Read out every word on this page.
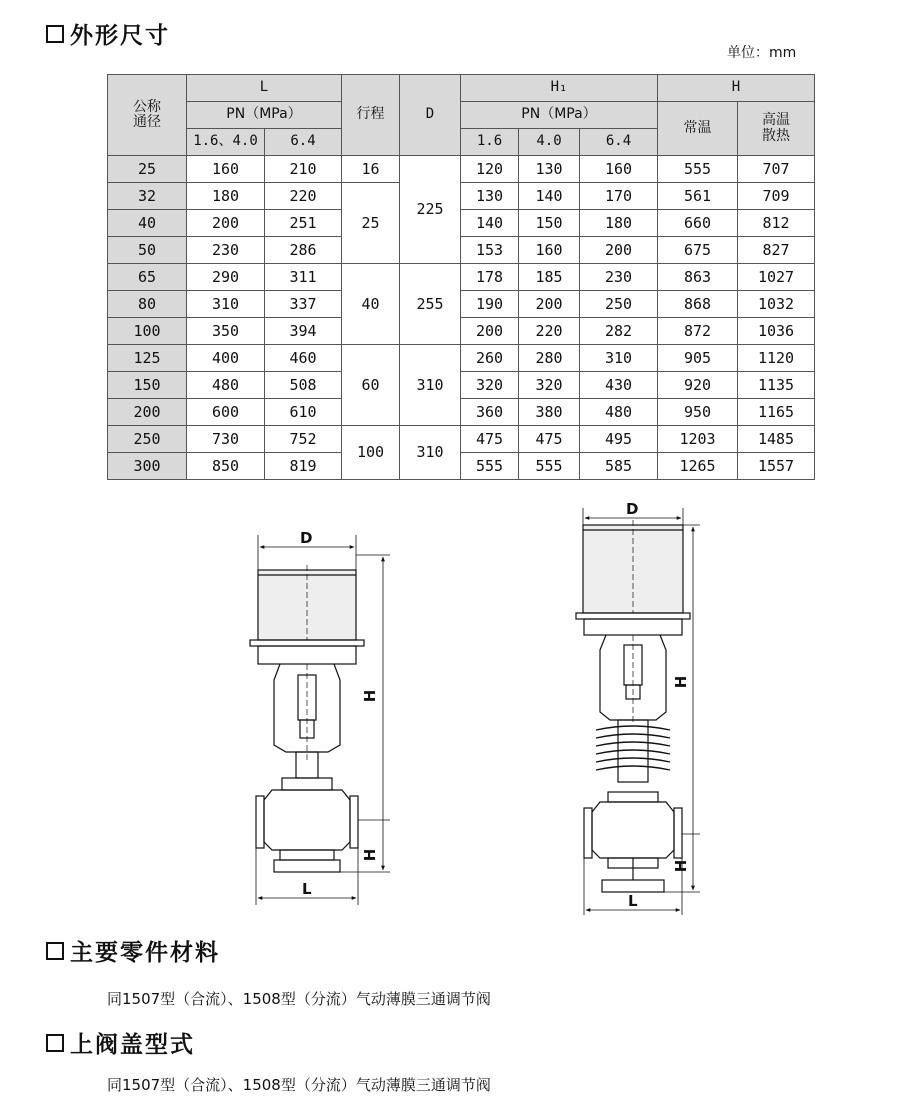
外形尺寸
单位：mm
公称
通径	L		行程	D	H₁			H	
	PN（MPa）				PN（MPa）			常温	高温
散热
	1.6、4.0	6.4			1.6	4.0	6.4		
25	160	210	16	225	120	130	160	555	707
32	180	220	25		130	140	170	561	709
40	200	251			140	150	180	660	812
50	230	286			153	160	200	675	827
65	290	311	40	255	178	185	230	863	1027
80	310	337			190	200	250	868	1032
100	350	394			200	220	282	872	1036
125	400	460	60	310	260	280	310	905	1120
150	480	508			320	320	430	920	1135
200	600	610			360	380	480	950	1165
250	730	752	100	310	475	475	495	1203	1485
300	850	819			555	555	585	1265	1557
D
D
H
H
H
H
L
L
主要零件材料
同1507型（合流）、1508型（分流）气动薄膜三通调节阀
上阀盖型式
同1507型（合流）、1508型（分流）气动薄膜三通调节阀
